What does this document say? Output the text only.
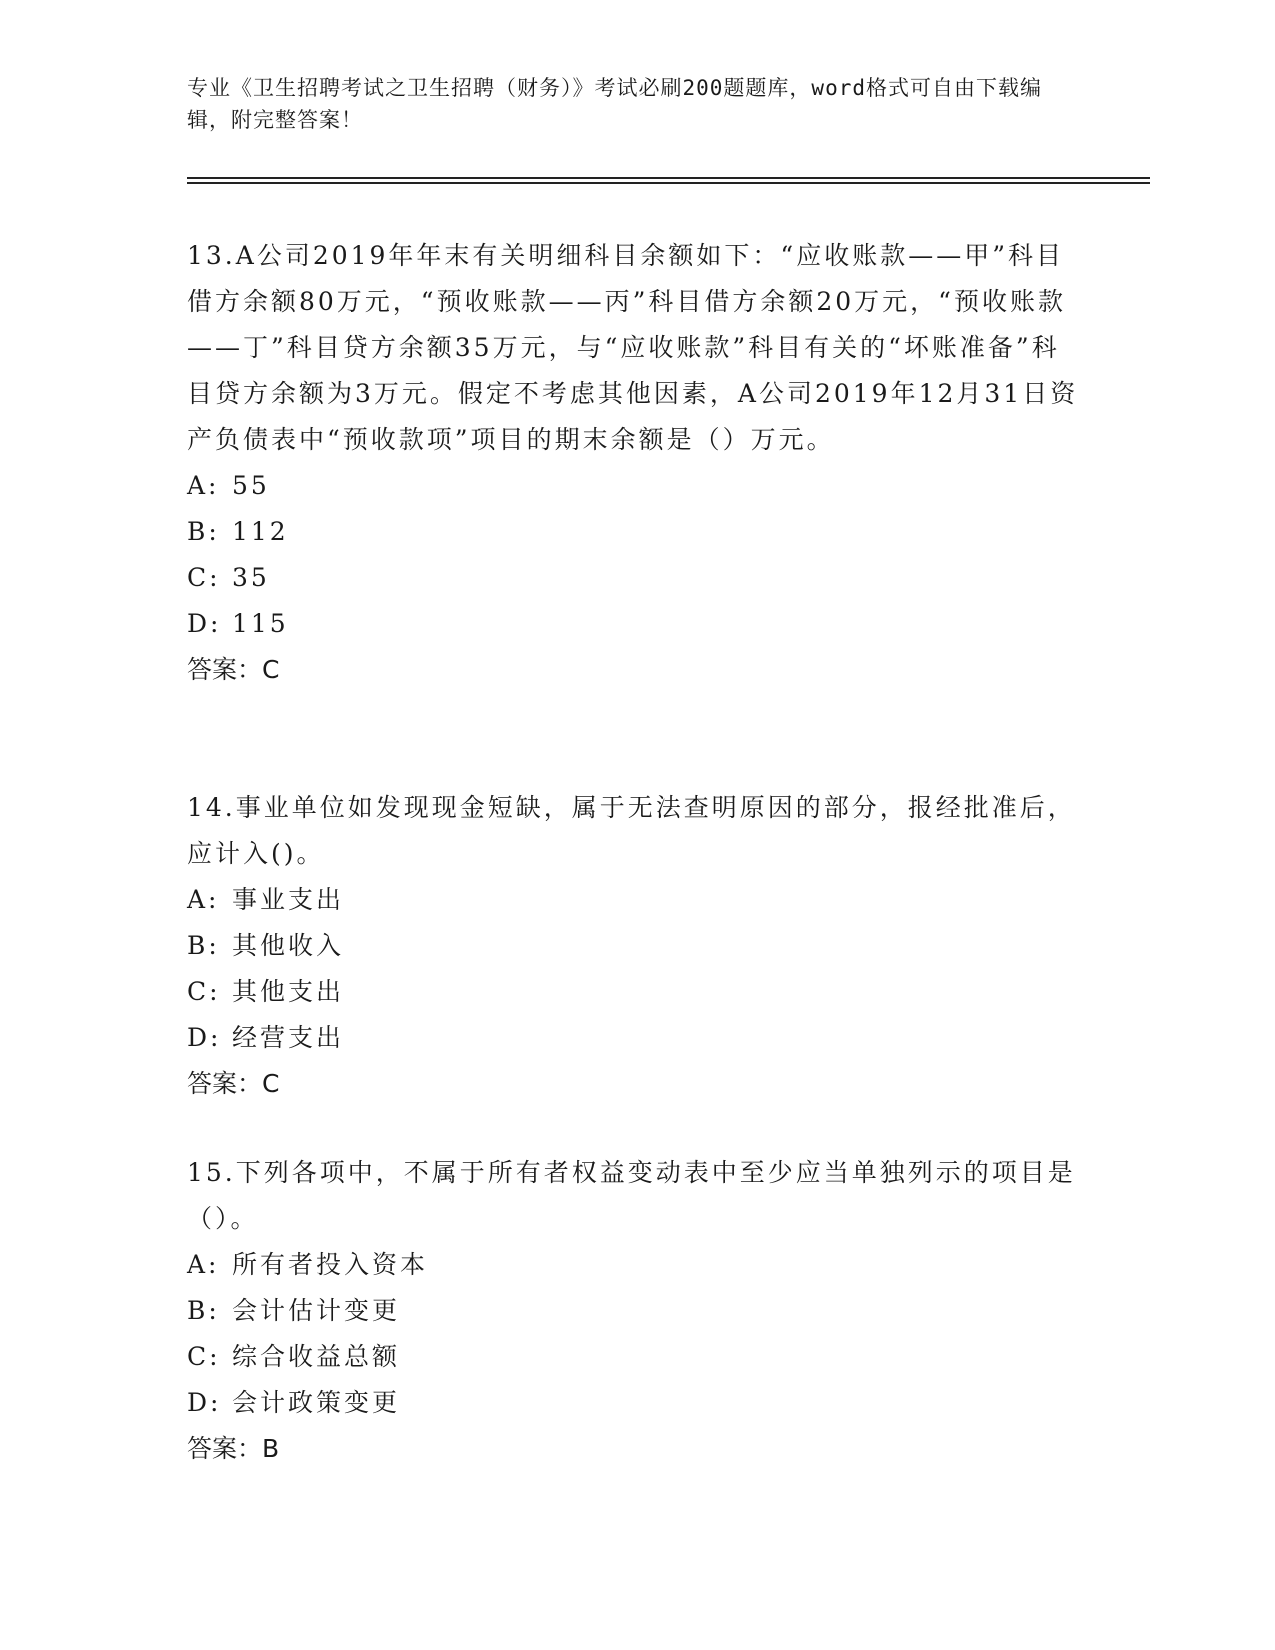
专业《卫生招聘考试之卫生招聘（财务）》考试必刷200题题库，word格式可自由下载编辑，附完整答案！
13.A公司2019年年末有关明细科目余额如下：“应收账款——甲”科目借方余额80万元，“预收账款——丙”科目借方余额20万元，“预收账款——丁”科目贷方余额35万元，与“应收账款”科目有关的“坏账准备”科目贷方余额为3万元。假定不考虑其他因素，A公司2019年12月31日资产负债表中“预收款项”项目的期末余额是（）万元。
A: 55
B: 112
C: 35
D: 115
答案：C
14.事业单位如发现现金短缺，属于无法查明原因的部分，报经批准后，应计入()。
A: 事业支出
B: 其他收入
C: 其他支出
D: 经营支出
答案：C
15.下列各项中，不属于所有者权益变动表中至少应当单独列示的项目是（）。
A: 所有者投入资本
B: 会计估计变更
C: 综合收益总额
D: 会计政策变更
答案：B
